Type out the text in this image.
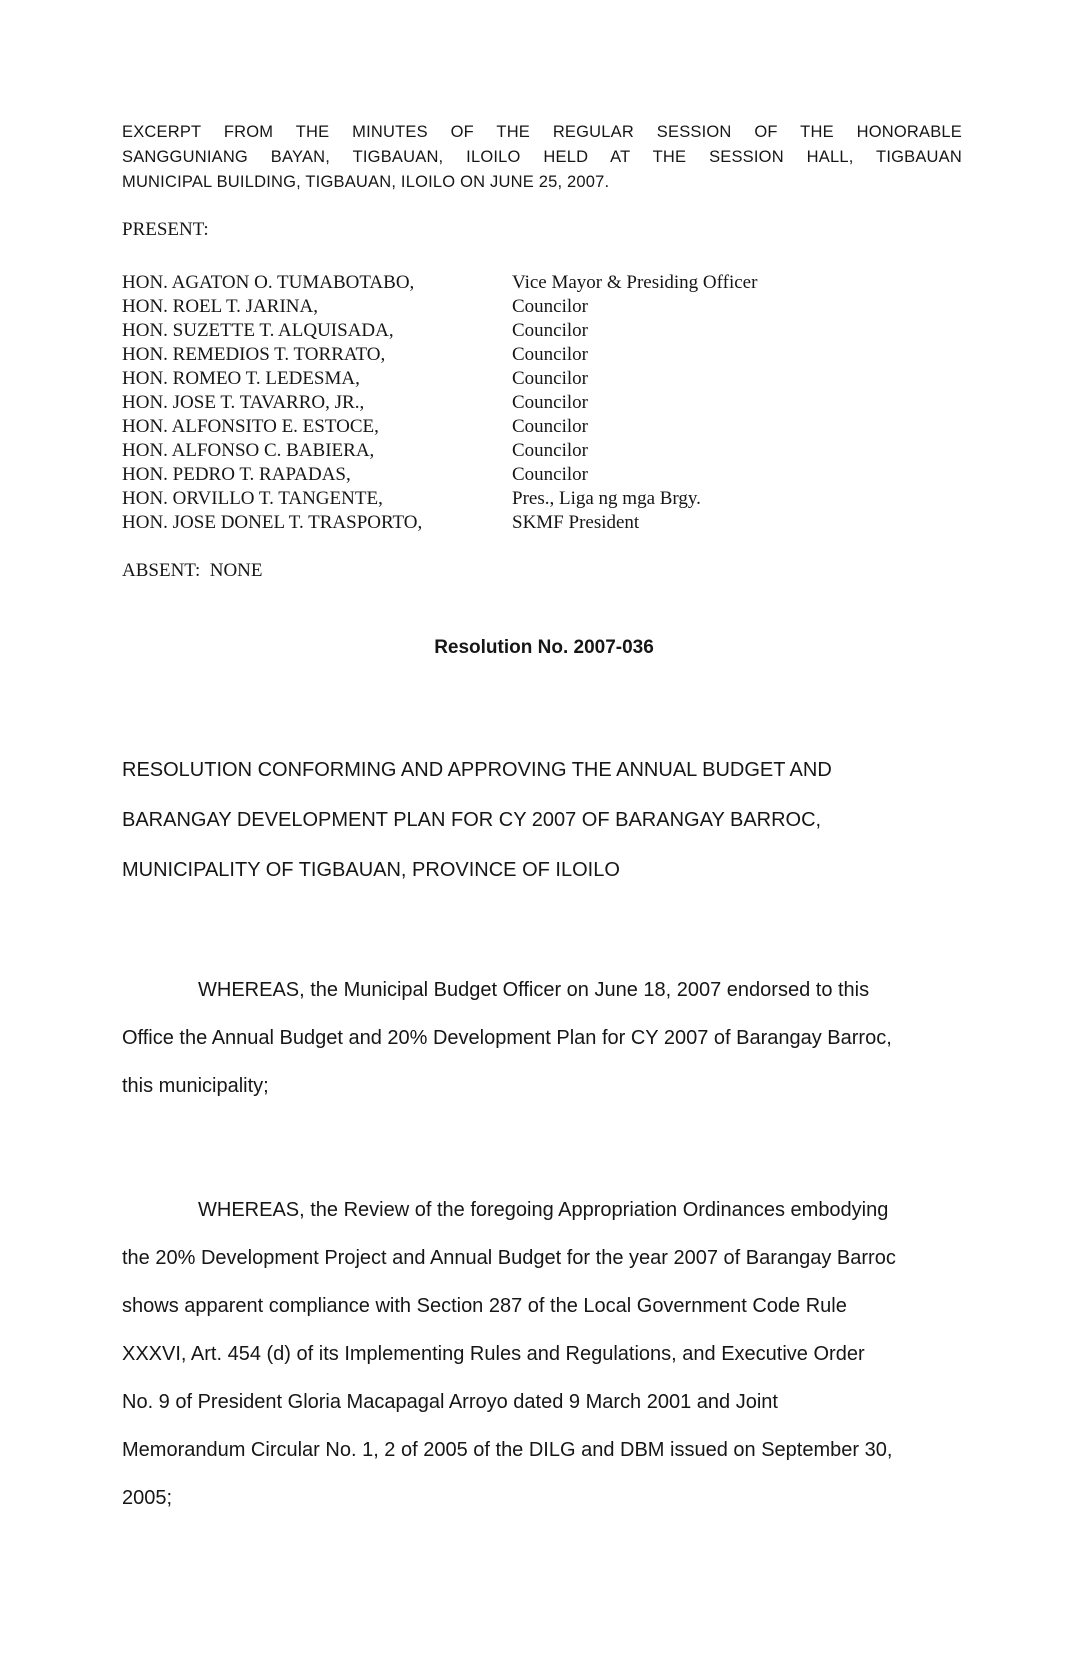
EXCERPT FROM THE MINUTES OF THE REGULAR SESSION OF THE HONORABLE
SANGGUNIANG BAYAN, TIGBAUAN, ILOILO HELD AT THE SESSION HALL, TIGBAUAN
MUNICIPAL BUILDING, TIGBAUAN, ILOILO ON JUNE 25, 2007.
PRESENT:
HON. AGATON O. TUMABOTABO,	Vice Mayor & Presiding Officer
HON. ROEL T. JARINA,	Councilor
HON. SUZETTE T. ALQUISADA,	Councilor
HON. REMEDIOS T. TORRATO,	Councilor
HON. ROMEO T. LEDESMA,	Councilor
HON. JOSE T. TAVARRO, JR.,	Councilor
HON. ALFONSITO E. ESTOCE,	Councilor
HON. ALFONSO C. BABIERA,	Councilor
HON. PEDRO T. RAPADAS,	Councilor
HON. ORVILLO T. TANGENTE,	Pres., Liga ng mga Brgy.
HON. JOSE DONEL T. TRASPORTO,	SKMF President
ABSENT:  NONE
Resolution No. 2007-036
RESOLUTION CONFORMING AND APPROVING THE ANNUAL BUDGET AND
BARANGAY DEVELOPMENT PLAN FOR CY 2007 OF BARANGAY BARROC,
MUNICIPALITY OF TIGBAUAN, PROVINCE OF ILOILO
WHEREAS, the Municipal Budget Officer on June 18, 2007 endorsed to this
Office the Annual Budget and 20% Development Plan for CY 2007 of Barangay Barroc,
this municipality;
WHEREAS, the Review of the foregoing Appropriation Ordinances embodying
the 20% Development Project and Annual Budget for the year 2007 of Barangay Barroc
shows apparent compliance with Section 287 of the Local Government Code Rule
XXXVI, Art. 454 (d) of its Implementing Rules and Regulations, and Executive Order
No. 9 of President Gloria Macapagal Arroyo dated 9 March 2001 and Joint
Memorandum Circular No. 1, 2 of 2005 of the DILG and DBM issued on September 30,
2005;
